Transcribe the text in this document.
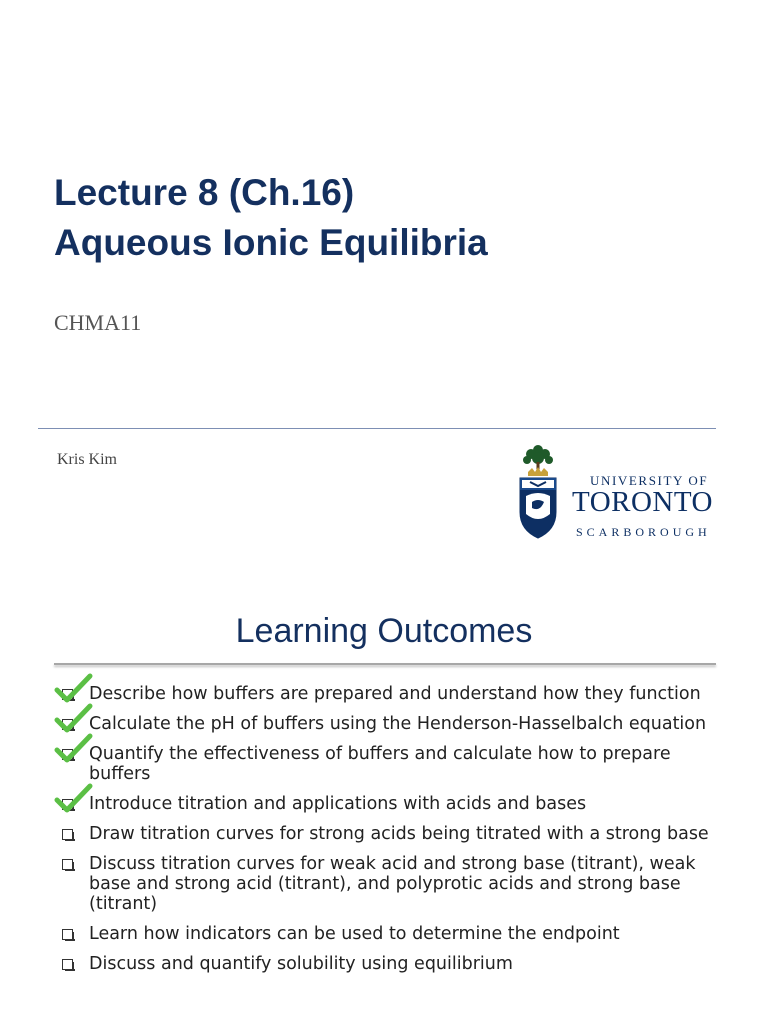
Lecture 8 (Ch.16)
Aqueous Ionic Equilibria
CHMA11
Kris Kim
UNIVERSITY OF
TORONTO
SCARBOROUGH
Learning Outcomes
Describe how buffers are prepared and understand how they function
Calculate the pH of buffers using the Henderson-Hasselbalch equation
Quantify the effectiveness of buffers and calculate how to prepare buffers
Introduce titration and applications with acids and bases
Draw titration curves for strong acids being titrated with a strong base
Discuss titration curves for weak acid and strong base (titrant), weak base and strong acid (titrant), and polyprotic acids and strong base (titrant)
Learn how indicators can be used to determine the endpoint
Discuss and quantify solubility using equilibrium
